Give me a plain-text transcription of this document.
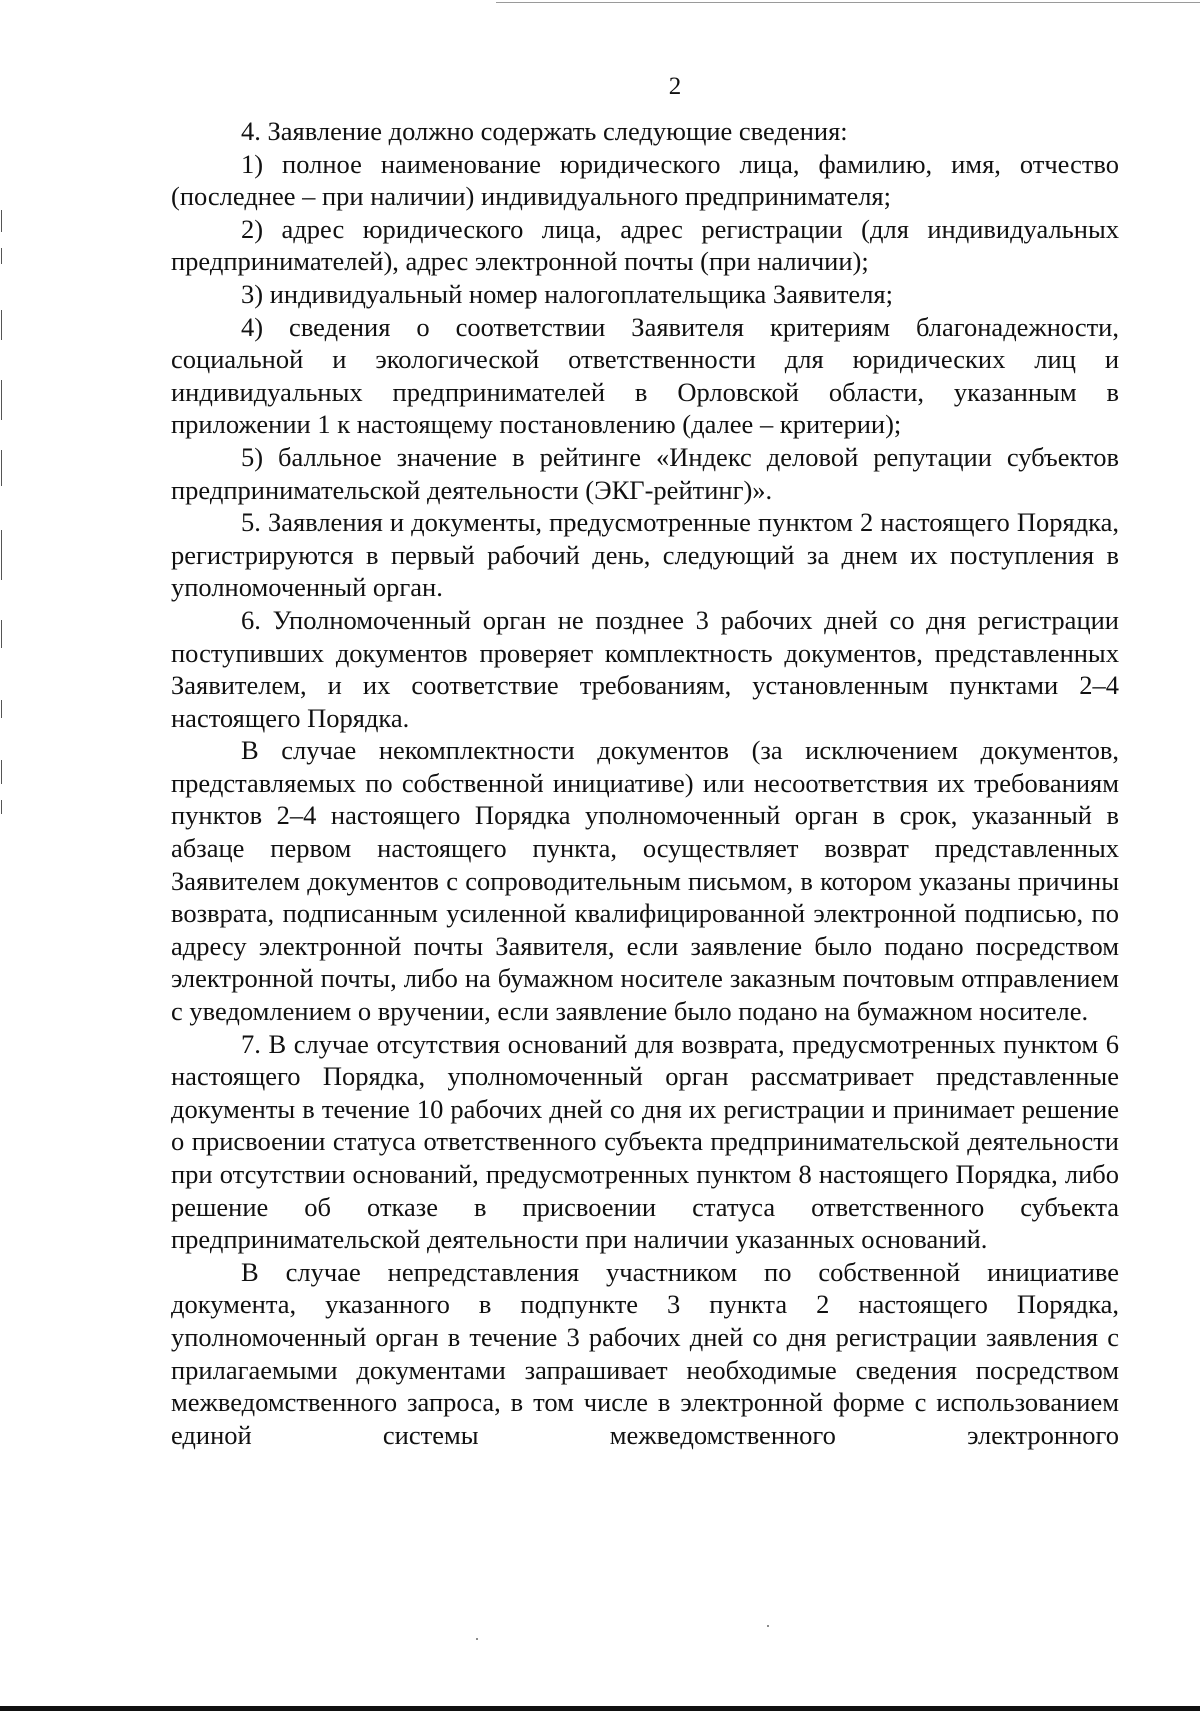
2

4. Заявление должно содержать следующие сведения:

1) полное наименование юридического лица, фамилию, имя, отчество (последнее – при наличии) индивидуального предпринимателя;

2) адрес юридического лица, адрес регистрации (для индивидуальных предпринимателей), адрес электронной почты (при наличии);

3) индивидуальный номер налогоплательщика Заявителя;

4) сведения о соответствии Заявителя критериям благонадежности, социальной и экологической ответственности для юридических лиц и индивидуальных предпринимателей в Орловской области, указанным в приложении 1 к настоящему постановлению (далее – критерии);

5) балльное значение в рейтинге «Индекс деловой репутации субъектов предпринимательской деятельности (ЭКГ-рейтинг)».

5. Заявления и документы, предусмотренные пунктом 2 настоящего Порядка, регистрируются в первый рабочий день, следующий за днем их поступления в уполномоченный орган.

6. Уполномоченный орган не позднее 3 рабочих дней со дня регистрации поступивших документов проверяет комплектность документов, представленных Заявителем, и их соответствие требованиям, установленным пунктами 2–4 настоящего Порядка.

В случае некомплектности документов (за исключением документов, представляемых по собственной инициативе) или несоответствия их требованиям пунктов 2–4 настоящего Порядка уполномоченный орган в срок, указанный в абзаце первом настоящего пункта, осуществляет возврат представленных Заявителем документов с сопроводительным письмом, в котором указаны причины возврата, подписанным усиленной квалифицированной электронной подписью, по адресу электронной почты Заявителя, если заявление было подано посредством электронной почты, либо на бумажном носителе заказным почтовым отправлением с уведомлением о вручении, если заявление было подано на бумажном носителе.

7. В случае отсутствия оснований для возврата, предусмотренных пунктом 6 настоящего Порядка, уполномоченный орган рассматривает представленные документы в течение 10 рабочих дней со дня их регистрации и принимает решение о присвоении статуса ответственного субъекта предпринимательской деятельности при отсутствии оснований, предусмотренных пунктом 8 настоящего Порядка, либо решение об отказе в присвоении статуса ответственного субъекта предпринимательской деятельности при наличии указанных оснований.

В случае непредставления участником по собственной инициативе документа, указанного в подпункте 3 пункта 2 настоящего Порядка, уполномоченный орган в течение 3 рабочих дней со дня регистрации заявления с прилагаемыми документами запрашивает необходимые сведения посредством межведомственного запроса, в том числе в электронной форме с использованием единой системы межведомственного электронного
